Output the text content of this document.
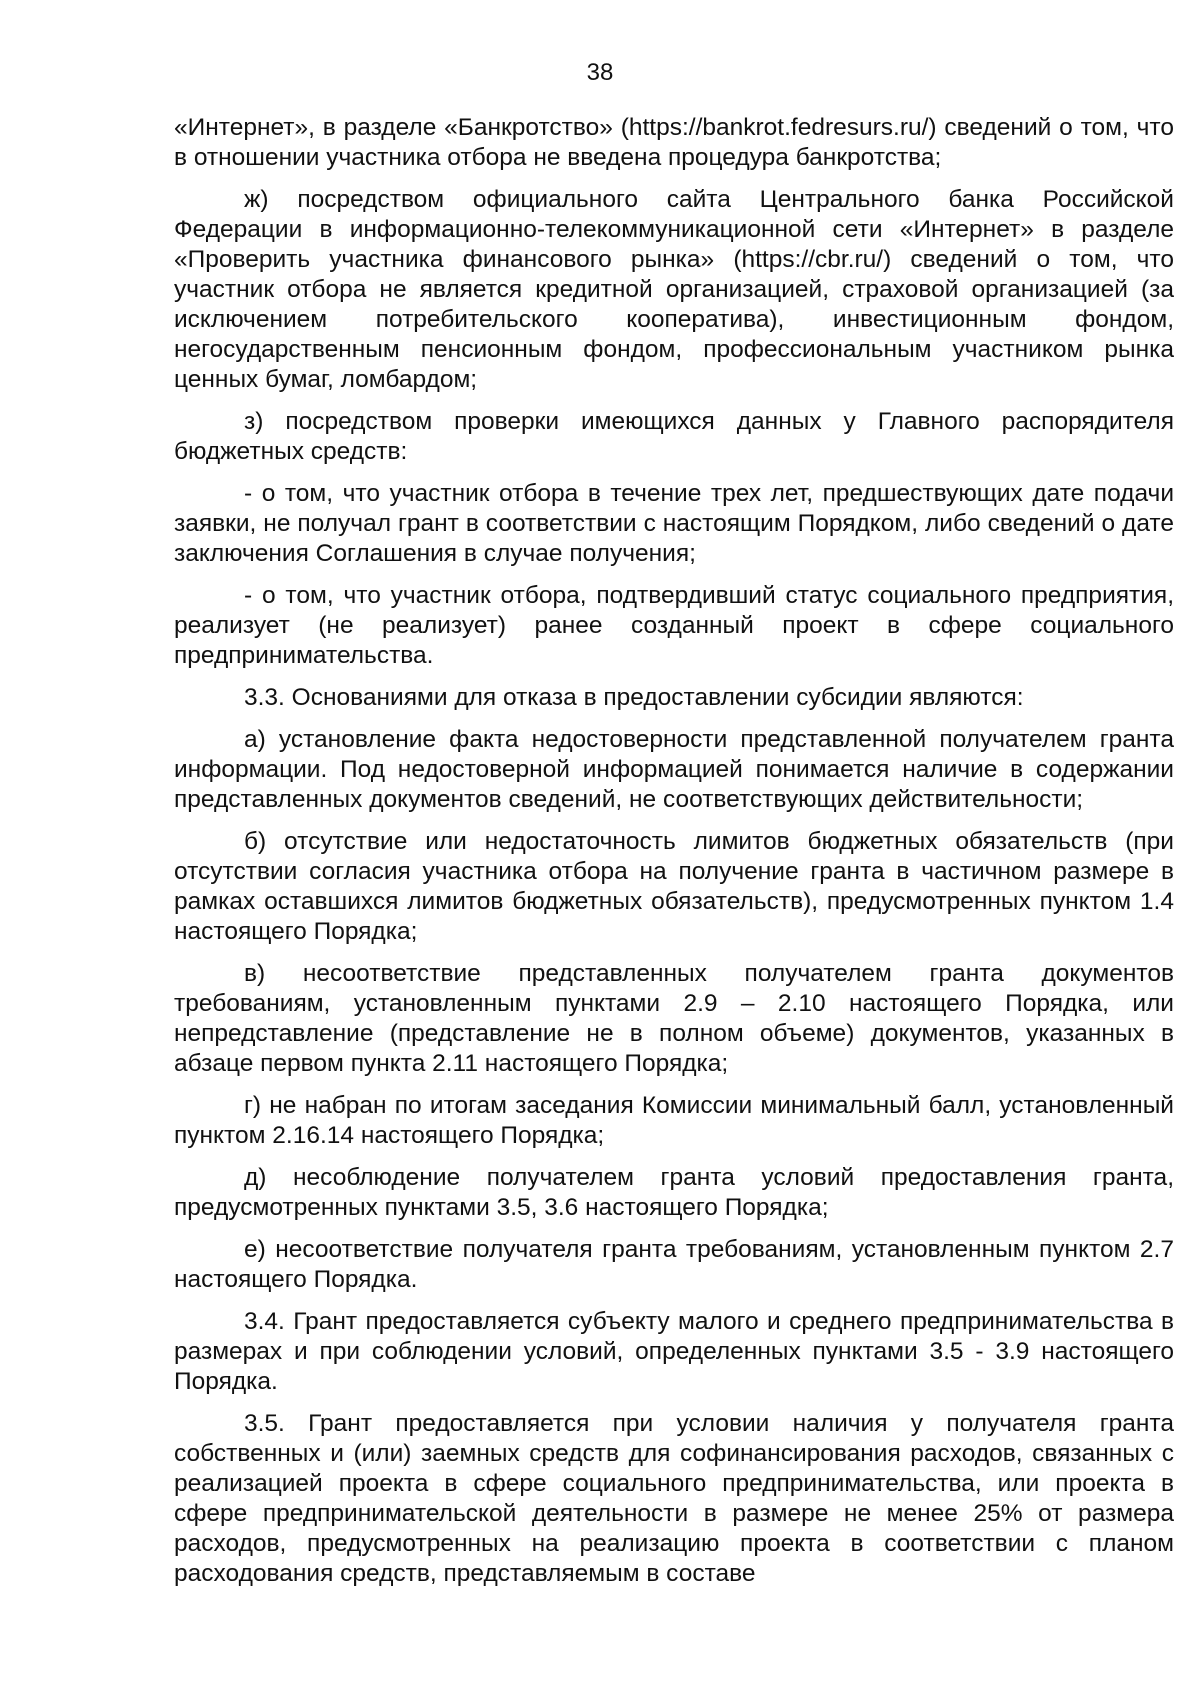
38

«Интернет», в разделе «Банкротство» (https://bankrot.fedresurs.ru/) сведений о том, что в отношении участника отбора не введена процедура банкротства;

ж) посредством официального сайта Центрального банка Российской Федерации в информационно-телекоммуникационной сети «Интернет» в разделе «Проверить участника финансового рынка» (https://cbr.ru/) сведений о том, что участник отбора не является кредитной организацией, страховой организацией (за исключением потребительского кооператива), инвестиционным фондом, негосударственным пенсионным фондом, профессиональным участником рынка ценных бумаг, ломбардом;

з) посредством проверки имеющихся данных у Главного распорядителя бюджетных средств:

- о том, что участник отбора в течение трех лет, предшествующих дате подачи заявки, не получал грант в соответствии с настоящим Порядком, либо сведений о дате заключения Соглашения в случае получения;

- о том, что участник отбора, подтвердивший статус социального предприятия, реализует (не реализует) ранее созданный проект в сфере социального предпринимательства.

3.3. Основаниями для отказа в предоставлении субсидии являются:

а) установление факта недостоверности представленной получателем гранта информации. Под недостоверной информацией понимается наличие в содержании представленных документов сведений, не соответствующих действительности;

б) отсутствие или недостаточность лимитов бюджетных обязательств (при отсутствии согласия участника отбора на получение гранта в частичном размере в рамках оставшихся лимитов бюджетных обязательств), предусмотренных пунктом 1.4 настоящего Порядка;

в) несоответствие представленных получателем гранта документов требованиям, установленным пунктами 2.9 – 2.10 настоящего Порядка, или непредставление (представление не в полном объеме) документов, указанных в абзаце первом пункта 2.11 настоящего Порядка;

г) не набран по итогам заседания Комиссии минимальный балл, установленный пунктом 2.16.14 настоящего Порядка;

д) несоблюдение получателем гранта условий предоставления гранта, предусмотренных пунктами 3.5, 3.6 настоящего Порядка;

е) несоответствие получателя гранта требованиям, установленным пунктом 2.7 настоящего Порядка.

3.4. Грант предоставляется субъекту малого и среднего предпринимательства в размерах и при соблюдении условий, определенных пунктами 3.5 - 3.9 настоящего Порядка.

3.5. Грант предоставляется при условии наличия у получателя гранта собственных и (или) заемных средств для софинансирования расходов, связанных с реализацией проекта в сфере социального предпринимательства, или проекта в сфере предпринимательской деятельности в размере не менее 25% от размера расходов, предусмотренных на реализацию проекта в соответствии с планом расходования средств, представляемым в составе
